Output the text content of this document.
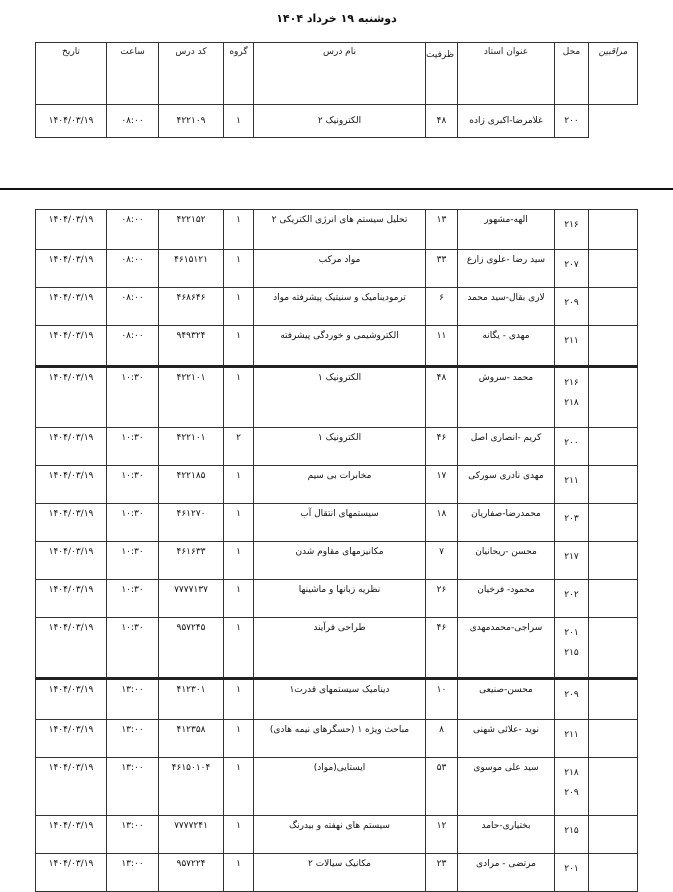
دوشنبه ۱۹ خرداد ۱۴۰۴
تاریخ	ساعت	کد درس	گروه	نام درس	ظرفیت	عنوان استاد	محل	مراقبین
۱۴۰۴/۰۳/۱۹	۰۸:۰۰	۴۲۲۱۰۹	۱	الکترونیک ۲	۴۸	غلامرضا-اکبری زاده	۲۰۰	
۱۴۰۴/۰۳/۱۹	۰۸:۰۰	۴۲۲۱۵۲	۱	تحلیل سیستم های انرژی الکتریکی ۲	۱۳	الهه-مشهور	۲۱۶	

۱۴۰۴/۰۳/۱۹	۰۸:۰۰	۴۶۱۵۱۲۱	۱	مواد مرکب	۳۳	سید رضا -علوی زارع	۲۰۷	

۱۴۰۴/۰۳/۱۹	۰۸:۰۰	۴۶۸۶۴۶	۱	ترمودینامیک و سنیتیک پیشرفته مواد	۶	لاری بقال-سید محمد	۲۰۹	

۱۴۰۴/۰۳/۱۹	۰۸:۰۰	۹۴۹۳۲۴	۱	الکتروشیمی و خوردگی پیشرفته	۱۱	مهدی - یگانه	۲۱۱	

۱۴۰۴/۰۳/۱۹	۱۰:۳۰	۴۲۲۱۰۱	۱	الکترونیک ۱	۴۸	محمد -سروش	۲۱۶
۲۱۸	

۱۴۰۴/۰۳/۱۹	۱۰:۳۰	۴۲۲۱۰۱	۲	الکترونیک ۱	۴۶	کریم -انصاری اصل	۲۰۰	

۱۴۰۴/۰۳/۱۹	۱۰:۳۰	۴۲۲۱۸۵	۱	مخابرات بی سیم	۱۷	مهدی نادری سورکی	۲۱۱	

۱۴۰۴/۰۳/۱۹	۱۰:۳۰	۴۶۱۲۷۰	۱	سیستمهای انتقال آب	۱۸	محمدرضا-صفاریان	۲۰۳	

۱۴۰۴/۰۳/۱۹	۱۰:۳۰	۴۶۱۶۳۳	۱	مکانیزمهای مقاوم شدن	۷	محسن -ریحانیان	۲۱۷	

۱۴۰۴/۰۳/۱۹	۱۰:۳۰	۷۷۷۷۱۳۷	۱	نظریه زبانها و ماشینها	۲۶	محمود- فرخیان	۲۰۲	

۱۴۰۴/۰۳/۱۹	۱۰:۳۰	۹۵۷۲۴۵	۱	طراحی فرآیند	۴۶	سراجی-محمدمهدی	۲۰۱
۲۱۵	

۱۴۰۴/۰۳/۱۹	۱۳:۰۰	۴۱۲۳۰۱	۱	دینامیک سیستمهای قدرت۱	۱۰	محسن-صنیعی	۲۰۹	

۱۴۰۴/۰۳/۱۹	۱۳:۰۰	۴۱۲۳۵۸	۱	مباحث ویژه ۱ (حسگرهای نیمه هادی)	۸	نوید -علائی شهنی	۲۱۱	

۱۴۰۴/۰۳/۱۹	۱۳:۰۰	۴۶۱۵۰۱۰۴	۱	ایستایی(مواد)	۵۳	سید علی موسوی	۲۱۸
۲۰۹	

۱۴۰۴/۰۳/۱۹	۱۳:۰۰	۷۷۷۷۲۴۱	۱	سیستم های نهفته و بیدرنگ	۱۲	بختیاری-حامد	۲۱۵	

۱۴۰۴/۰۳/۱۹	۱۳:۰۰	۹۵۷۲۲۴	۱	مکانیک سیالات ۲	۲۳	مرتضی - مرادی	۲۰۱	
